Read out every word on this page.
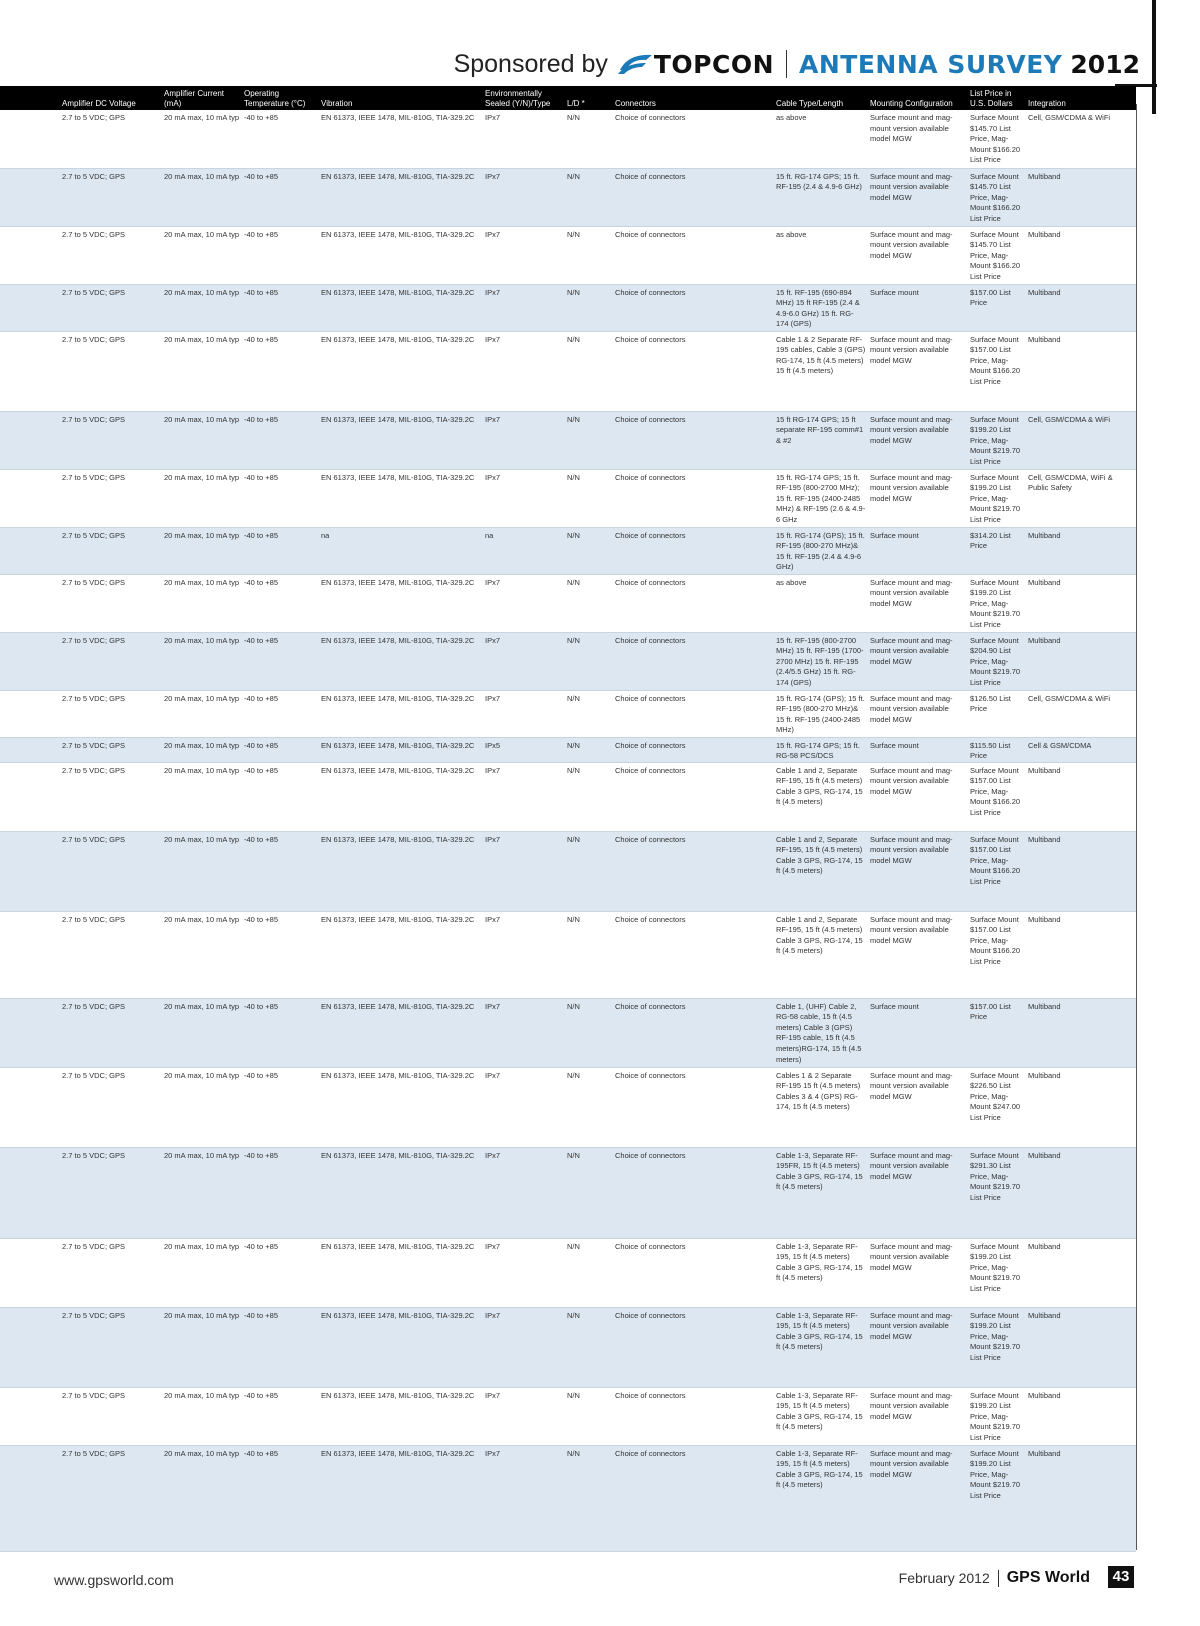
Sponsored by TOPCON ANTENNA SURVEY 2012
	Amplifier DC Voltage	Amplifier Current (mA)	Operating Temperature (°C)	Vibration	Environmentally Sealed (Y/N)/Type	L/D *	Connectors	Cable Type/Length	Mounting Configuration	List Price in U.S. Dollars	Integration
	2.7 to 5 VDC; GPS	20 mA max, 10 mA typ	-40 to +85	EN 61373, IEEE 1478, MIL-810G, TIA-329.2C	IPx7	N/N	Choice of connectors	as above	Surface mount and mag-mount version available model MGW	Surface Mount $145.70 List Price, Mag-Mount $166.20 List Price	Cell, GSM/CDMA & WiFi
	2.7 to 5 VDC; GPS	20 mA max, 10 mA typ	-40 to +85	EN 61373, IEEE 1478, MIL-810G, TIA-329.2C	IPx7	N/N	Choice of connectors	15 ft. RG-174 GPS; 15 ft. RF-195 (2.4 & 4.9-6 GHz)	Surface mount and mag-mount version available model MGW	Surface Mount $145.70 List Price, Mag-Mount $166.20 List Price	Multiband
	2.7 to 5 VDC; GPS	20 mA max, 10 mA typ	-40 to +85	EN 61373, IEEE 1478, MIL-810G, TIA-329.2C	IPx7	N/N	Choice of connectors	as above	Surface mount and mag-mount version available model MGW	Surface Mount $145.70 List Price, Mag-Mount $166.20 List Price	Multiband
	2.7 to 5 VDC; GPS	20 mA max, 10 mA typ	-40 to +85	EN 61373, IEEE 1478, MIL-810G, TIA-329.2C	IPx7	N/N	Choice of connectors	15 ft. RF-195 (690-894 MHz) 15 ft RF-195 (2.4 & 4.9-6.0 GHz) 15 ft. RG-174 (GPS)	Surface mount	$157.00 List Price	Multiband
	2.7 to 5 VDC; GPS	20 mA max, 10 mA typ	-40 to +85	EN 61373, IEEE 1478, MIL-810G, TIA-329.2C	IPx7	N/N	Choice of connectors	Cable 1 & 2 Separate RF-195 cables, Cable 3 (GPS) RG-174, 15 ft (4.5 meters) 15 ft (4.5 meters)	Surface mount and mag-mount version available model MGW	Surface Mount $157.00 List Price, Mag-Mount $166.20 List Price	Multiband
	2.7 to 5 VDC; GPS	20 mA max, 10 mA typ	-40 to +85	EN 61373, IEEE 1478, MIL-810G, TIA-329.2C	IPx7	N/N	Choice of connectors	15 ft RG-174 GPS; 15 ft separate RF-195 comm#1 & #2	Surface mount and mag-mount version available model MGW	Surface Mount $199.20 List Price, Mag-Mount $219.70 List Price	Cell, GSM/CDMA & WiFi
	2.7 to 5 VDC; GPS	20 mA max, 10 mA typ	-40 to +85	EN 61373, IEEE 1478, MIL-810G, TIA-329.2C	IPx7	N/N	Choice of connectors	15 ft. RG-174 GPS; 15 ft. RF-195 (800-2700 MHz); 15 ft. RF-195 (2400-2485 MHz) & RF-195 (2.6 & 4.9-6 GHz	Surface mount and mag-mount version available model MGW	Surface Mount $199.20 List Price, Mag-Mount $219.70 List Price	Cell, GSM/CDMA, WiFi & Public Safety
	2.7 to 5 VDC; GPS	20 mA max, 10 mA typ	-40 to +85	na	na	N/N	Choice of connectors	15 ft. RG-174 (GPS); 15 ft. RF-195 (800-270 MHz)& 15 ft. RF-195 (2.4 & 4.9-6 GHz)	Surface mount	$314.20 List Price	Multiband
	2.7 to 5 VDC; GPS	20 mA max, 10 mA typ	-40 to +85	EN 61373, IEEE 1478, MIL-810G, TIA-329.2C	IPx7	N/N	Choice of connectors	as above	Surface mount and mag-mount version available model MGW	Surface Mount $199.20 List Price, Mag-Mount $219.70 List Price	Multiband
	2.7 to 5 VDC; GPS	20 mA max, 10 mA typ	-40 to +85	EN 61373, IEEE 1478, MIL-810G, TIA-329.2C	IPx7	N/N	Choice of connectors	15 ft. RF-195 (800-2700 MHz) 15 ft. RF-195 (1700-2700 MHz) 15 ft. RF-195 (2.4/5.5 GHz) 15 ft. RG-174 (GPS)	Surface mount and mag-mount version available model MGW	Surface Mount $204.90 List Price, Mag-Mount $219.70 List Price	Multiband
	2.7 to 5 VDC; GPS	20 mA max, 10 mA typ	-40 to +85	EN 61373, IEEE 1478, MIL-810G, TIA-329.2C	IPx7	N/N	Choice of connectors	15 ft. RG-174 (GPS); 15 ft. RF-195 (800-270 MHz)& 15 ft. RF-195 (2400-2485 MHz)	Surface mount and mag-mount version available model MGW	$126.50 List Price	Cell, GSM/CDMA & WiFi
	2.7 to 5 VDC; GPS	20 mA max, 10 mA typ	-40 to +85	EN 61373, IEEE 1478, MIL-810G, TIA-329.2C	IPx5	N/N	Choice of connectors	15 ft. RG-174 GPS; 15 ft. RG-58 PCS/DCS	Surface mount	$115.50 List Price	Cell & GSM/CDMA
	2.7 to 5 VDC; GPS	20 mA max, 10 mA typ	-40 to +85	EN 61373, IEEE 1478, MIL-810G, TIA-329.2C	IPx7	N/N	Choice of connectors	Cable 1 and 2, Separate RF-195, 15 ft (4.5 meters) Cable 3 GPS, RG-174, 15 ft (4.5 meters)	Surface mount and mag-mount version available model MGW	Surface Mount $157.00 List Price, Mag-Mount $166.20 List Price	Multiband
	2.7 to 5 VDC; GPS	20 mA max, 10 mA typ	-40 to +85	EN 61373, IEEE 1478, MIL-810G, TIA-329.2C	IPx7	N/N	Choice of connectors	Cable 1 and 2, Separate RF-195, 15 ft (4.5 meters) Cable 3 GPS, RG-174, 15 ft (4.5 meters)	Surface mount and mag-mount version available model MGW	Surface Mount $157.00 List Price, Mag-Mount $166.20 List Price	Multiband
	2.7 to 5 VDC; GPS	20 mA max, 10 mA typ	-40 to +85	EN 61373, IEEE 1478, MIL-810G, TIA-329.2C	IPx7	N/N	Choice of connectors	Cable 1 and 2, Separate RF-195, 15 ft (4.5 meters) Cable 3 GPS, RG-174, 15 ft (4.5 meters)	Surface mount and mag-mount version available model MGW	Surface Mount $157.00 List Price, Mag-Mount $166.20 List Price	Multiband
	2.7 to 5 VDC; GPS	20 mA max, 10 mA typ	-40 to +85	EN 61373, IEEE 1478, MIL-810G, TIA-329.2C	IPx7	N/N	Choice of connectors	Cable 1, (UHF) Cable 2, RG-58 cable, 15 ft (4.5 meters) Cable 3 (GPS) RF-195 cable, 15 ft (4.5 meters)RG-174, 15 ft (4.5 meters)	Surface mount	$157.00 List Price	Multiband
	2.7 to 5 VDC; GPS	20 mA max, 10 mA typ	-40 to +85	EN 61373, IEEE 1478, MIL-810G, TIA-329.2C	IPx7	N/N	Choice of connectors	Cables 1 & 2 Separate RF-195 15 ft (4.5 meters) Cables 3 & 4 (GPS) RG-174, 15 ft (4.5 meters)	Surface mount and mag-mount version available model MGW	Surface Mount $226.50 List Price, Mag-Mount $247.00 List Price	Multiband
	2.7 to 5 VDC; GPS	20 mA max, 10 mA typ	-40 to +85	EN 61373, IEEE 1478, MIL-810G, TIA-329.2C	IPx7	N/N	Choice of connectors	Cable 1-3, Separate RF-195FR, 15 ft (4.5 meters) Cable 3 GPS, RG-174, 15 ft (4.5 meters)	Surface mount and mag-mount version available model MGW	Surface Mount $291.30 List Price, Mag-Mount $219.70 List Price	Multiband
	2.7 to 5 VDC; GPS	20 mA max, 10 mA typ	-40 to +85	EN 61373, IEEE 1478, MIL-810G, TIA-329.2C	IPx7	N/N	Choice of connectors	Cable 1-3, Separate RF-195, 15 ft (4.5 meters) Cable 3 GPS, RG-174, 15 ft (4.5 meters)	Surface mount and mag-mount version available model MGW	Surface Mount $199.20 List Price, Mag-Mount $219.70 List Price	Multiband
	2.7 to 5 VDC; GPS	20 mA max, 10 mA typ	-40 to +85	EN 61373, IEEE 1478, MIL-810G, TIA-329.2C	IPx7	N/N	Choice of connectors	Cable 1-3, Separate RF-195, 15 ft (4.5 meters) Cable 3 GPS, RG-174, 15 ft (4.5 meters)	Surface mount and mag-mount version available model MGW	Surface Mount $199.20 List Price, Mag-Mount $219.70 List Price	Multiband
	2.7 to 5 VDC; GPS	20 mA max, 10 mA typ	-40 to +85	EN 61373, IEEE 1478, MIL-810G, TIA-329.2C	IPx7	N/N	Choice of connectors	Cable 1-3, Separate RF-195, 15 ft (4.5 meters) Cable 3 GPS, RG-174, 15 ft (4.5 meters)	Surface mount and mag-mount version available model MGW	Surface Mount $199.20 List Price, Mag-Mount $219.70 List Price	Multiband
	2.7 to 5 VDC; GPS	20 mA max, 10 mA typ	-40 to +85	EN 61373, IEEE 1478, MIL-810G, TIA-329.2C	IPx7	N/N	Choice of connectors	Cable 1-3, Separate RF-195, 15 ft (4.5 meters) Cable 3 GPS, RG-174, 15 ft (4.5 meters)	Surface mount and mag-mount version available model MGW	Surface Mount $199.20 List Price, Mag-Mount $219.70 List Price	Multiband
www.gpsworld.com	February 2012 GPS World	43
